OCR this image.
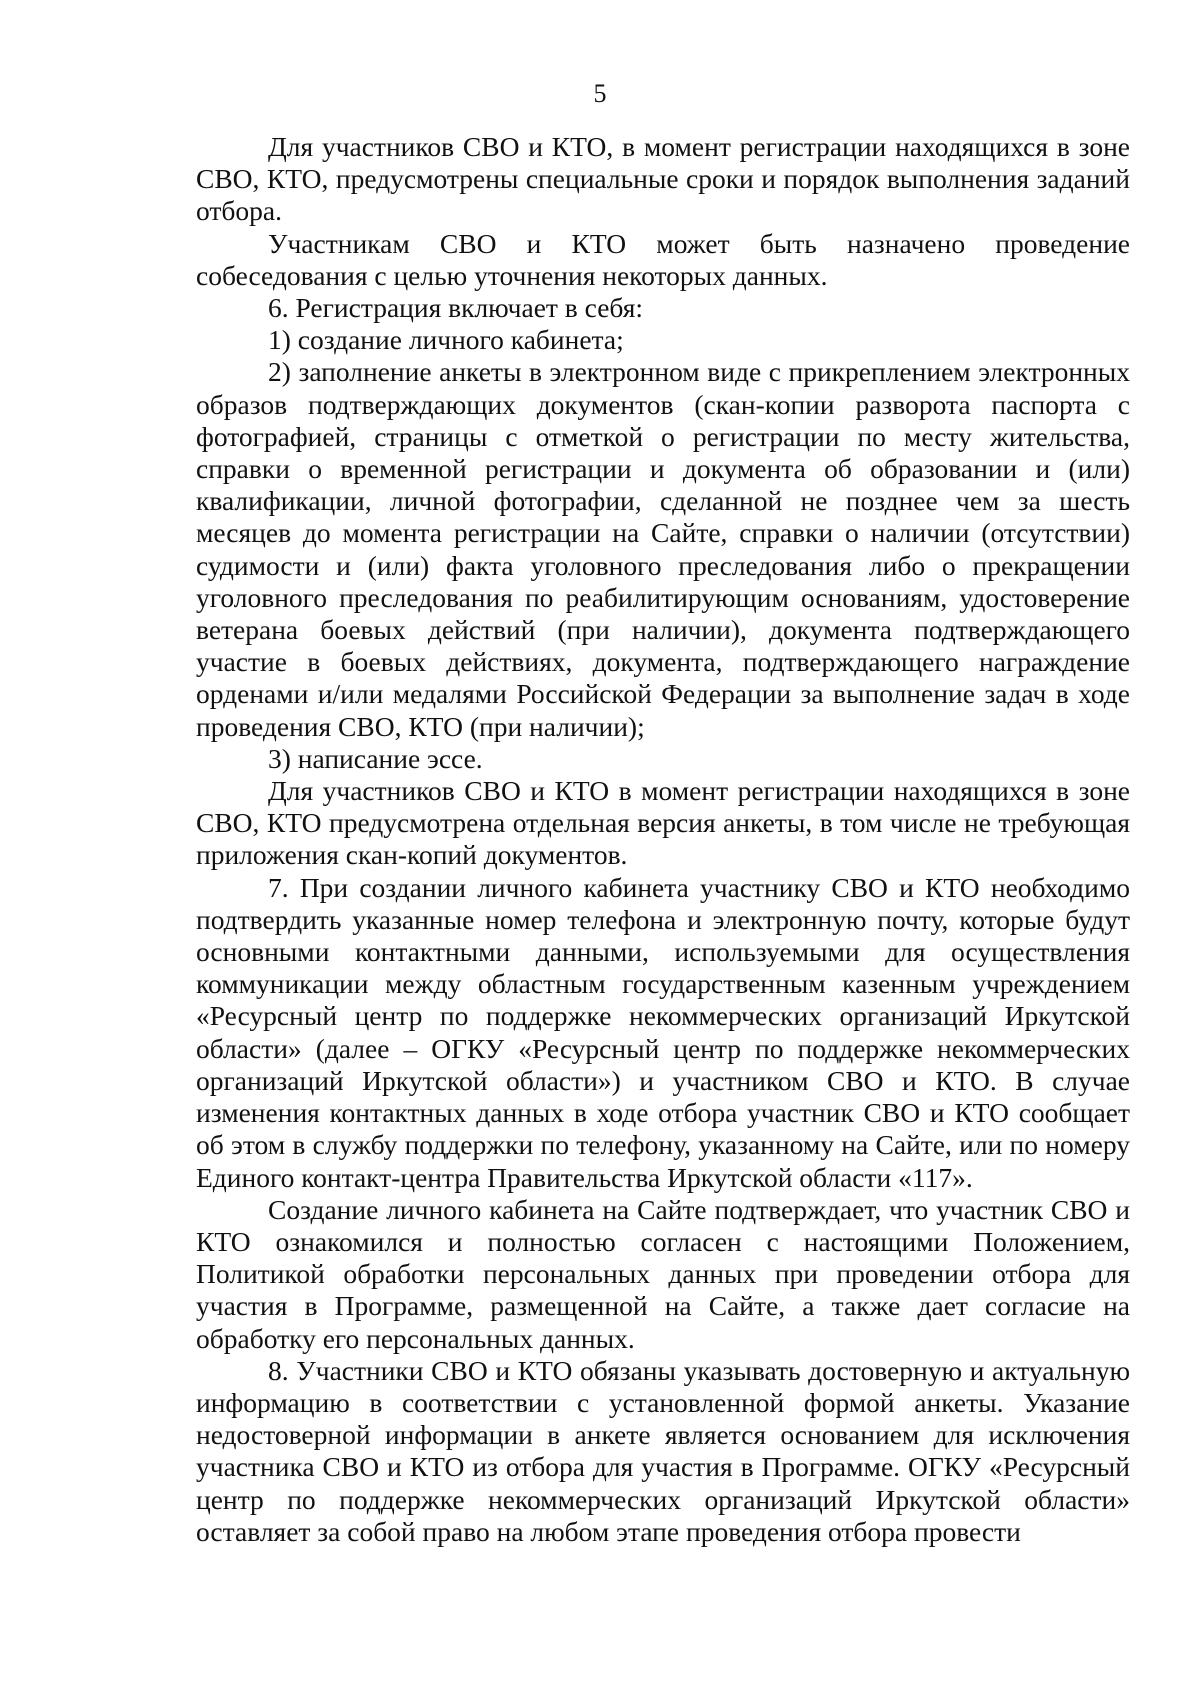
5

Для участников СВО и КТО, в момент регистрации находящихся в зоне СВО, КТО, предусмотрены специальные сроки и порядок выполнения заданий отбора.

Участникам СВО и КТО может быть назначено проведение собеседования с целью уточнения некоторых данных.

6. Регистрация включает в себя:

1) создание личного кабинета;

2) заполнение анкеты в электронном виде с прикреплением электронных образов подтверждающих документов (скан-копии разворота паспорта с фотографией, страницы с отметкой о регистрации по месту жительства, справки о временной регистрации и документа об образовании и (или) квалификации, личной фотографии, сделанной не позднее чем за шесть месяцев до момента регистрации на Сайте, справки о наличии (отсутствии) судимости и (или) факта уголовного преследования либо о прекращении уголовного преследования по реабилитирующим основаниям, удостоверение ветерана боевых действий (при наличии), документа подтверждающего участие в боевых действиях, документа, подтверждающего награждение орденами и/или медалями Российской Федерации за выполнение задач в ходе проведения СВО, КТО (при наличии);

3) написание эссе.

Для участников СВО и КТО в момент регистрации находящихся в зоне СВО, КТО предусмотрена отдельная версия анкеты, в том числе не требующая приложения скан-копий документов.

7. При создании личного кабинета участнику СВО и КТО необходимо подтвердить указанные номер телефона и электронную почту, которые будут основными контактными данными, используемыми для осуществления коммуникации между областным государственным казенным учреждением «Ресурсный центр по поддержке некоммерческих организаций Иркутской области» (далее – ОГКУ «Ресурсный центр по поддержке некоммерческих организаций Иркутской области») и участником СВО и КТО. В случае изменения контактных данных в ходе отбора участник СВО и КТО сообщает об этом в службу поддержки по телефону, указанному на Сайте, или по номеру Единого контакт-центра Правительства Иркутской области «117».

Создание личного кабинета на Сайте подтверждает, что участник СВО и КТО ознакомился и полностью согласен с настоящими Положением, Политикой обработки персональных данных при проведении отбора для участия в Программе, размещенной на Сайте, а также дает согласие на обработку его персональных данных.

8. Участники СВО и КТО обязаны указывать достоверную и актуальную информацию в соответствии с установленной формой анкеты. Указание недостоверной информации в анкете является основанием для исключения участника СВО и КТО из отбора для участия в Программе. ОГКУ «Ресурсный центр по поддержке некоммерческих организаций Иркутской области» оставляет за собой право на любом этапе проведения отбора провести
